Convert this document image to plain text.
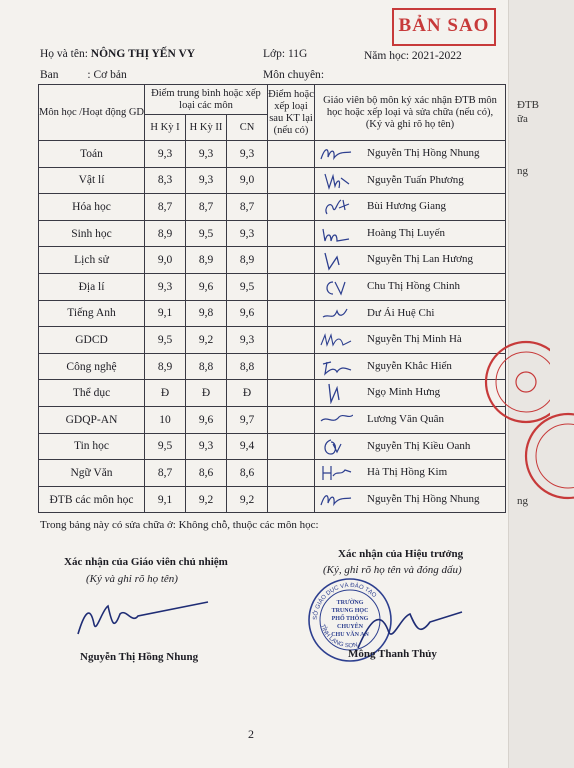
ĐTB
ữa
ng
ng
BẢN SAO
Họ và tên: NÔNG THỊ YẾN VY	Lớp: 11G	Năm học: 2021-2022
Ban	: Cơ bản	Môn chuyên:
Môn học /Hoạt động GD	Điểm trung bình hoặc xếp loại các môn			Điểm hoặc xếp loại sau KT lại (nếu có)	Giáo viên bộ môn ký xác nhận ĐTB môn học hoặc xếp loại và sửa chữa (nếu có), (Ký và ghi rõ họ tên)
	H Kỳ I	H Kỳ II	CN		
Toán	9,3	9,3	9,3		Nguyễn Thị Hồng Nhung

Vật lí	8,3	9,3	9,0		Nguyễn Tuấn Phương

Hóa học	8,7	8,7	8,7		Bùi Hương Giang

Sinh học	8,9	9,5	9,3		Hoàng Thị Luyến

Lịch sử	9,0	8,9	8,9		Nguyễn Thị Lan Hương

Địa lí	9,3	9,6	9,5		Chu Thị Hồng Chinh

Tiếng Anh	9,1	9,8	9,6		Dư Ái Huệ Chi

GDCD	9,5	9,2	9,3		Nguyễn Thị Minh Hà

Công nghệ	8,9	8,8	8,8		Nguyễn Khắc Hiển

Thể dục	Đ	Đ	Đ		Ngọ Minh Hưng

GDQP-AN	10	9,6	9,7		Lương Văn Quân

Tin học	9,5	9,3	9,4		Nguyễn Thị Kiều Oanh

Ngữ Văn	8,7	8,6	8,6		Hà Thị Hồng Kim

ĐTB các môn học	9,1	9,2	9,2		Nguyễn Thị Hồng Nhung
Trong bảng này có sửa chữa ở: Không chỗ, thuộc các môn học:
Xác nhận của Giáo viên chủ nhiệm
(Ký và ghi rõ họ tên)
Nguyễn Thị Hồng Nhung
Xác nhận của Hiệu trưởng
(Ký, ghi rõ họ tên và đóng dấu)
SỞ GIÁO DỤC VÀ ĐÀO TẠO
TỈNH LẠNG SƠN
TRƯỜNG
TRUNG HỌC
PHỔ THÔNG
CHUYÊN
CHU VĂN AN
Mông Thanh Thủy
2
